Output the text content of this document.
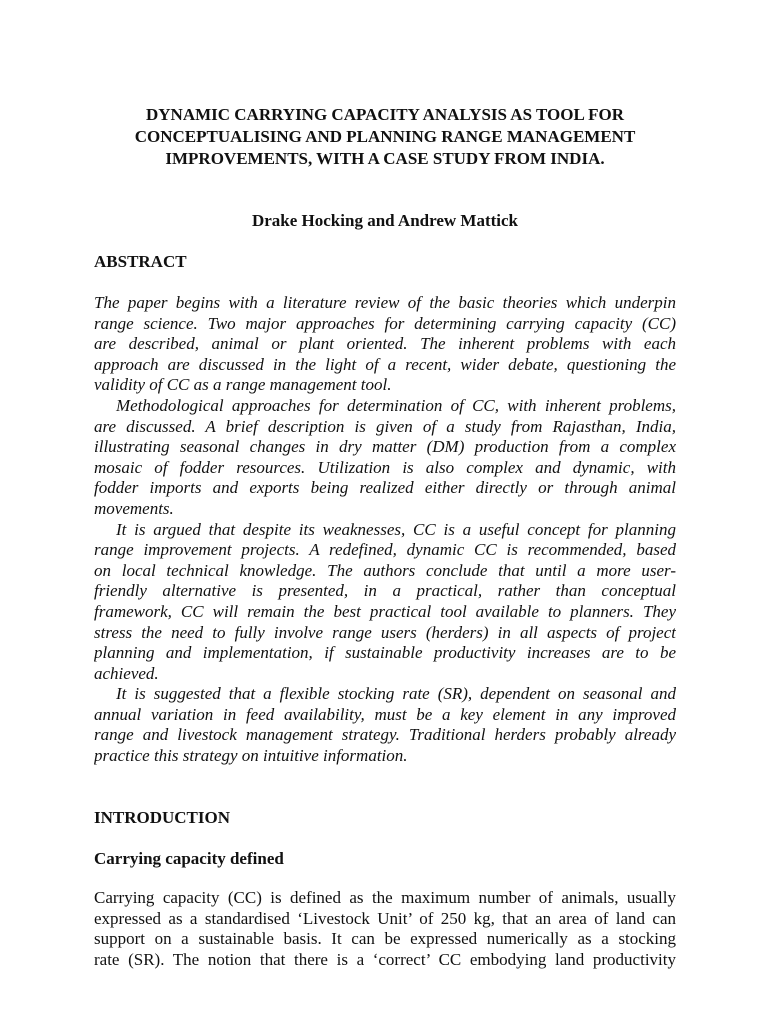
DYNAMIC CARRYING CAPACITY ANALYSIS AS TOOL FOR
CONCEPTUALISING AND PLANNING RANGE MANAGEMENT
IMPROVEMENTS, WITH A CASE STUDY FROM INDIA.
Drake Hocking and Andrew Mattick
ABSTRACT
The paper begins with a literature review of the basic theories which underpin
range science. Two major approaches for determining carrying capacity (CC)
are described, animal or plant oriented. The inherent problems with each
approach are discussed in the light of a recent, wider debate, questioning the
validity of CC as a range management tool.
Methodological approaches for determination of CC, with inherent problems,
are discussed. A brief description is given of a study from Rajasthan, India,
illustrating seasonal changes in dry matter (DM) production from a complex
mosaic of fodder resources. Utilization is also complex and dynamic, with
fodder imports and exports being realized either directly or through animal
movements.
It is argued that despite its weaknesses, CC is a useful concept for planning
range improvement projects. A redefined, dynamic CC is recommended, based
on local technical knowledge. The authors conclude that until a more user-
friendly alternative is presented, in a practical, rather than conceptual
framework, CC will remain the best practical tool available to planners. They
stress the need to fully involve range users (herders) in all aspects of project
planning and implementation, if sustainable productivity increases are to be
achieved.
It is suggested that a flexible stocking rate (SR), dependent on seasonal and
annual variation in feed availability, must be a key element in any improved
range and livestock management strategy. Traditional herders probably already
practice this strategy on intuitive information.
INTRODUCTION
Carrying capacity defined
Carrying capacity (CC) is defined as the maximum number of animals, usually
expressed as a standardised ‘Livestock Unit’ of 250 kg, that an area of land can
support on a sustainable basis. It can be expressed numerically as a stocking
rate (SR). The notion that there is a ‘correct’ CC embodying land productivity
